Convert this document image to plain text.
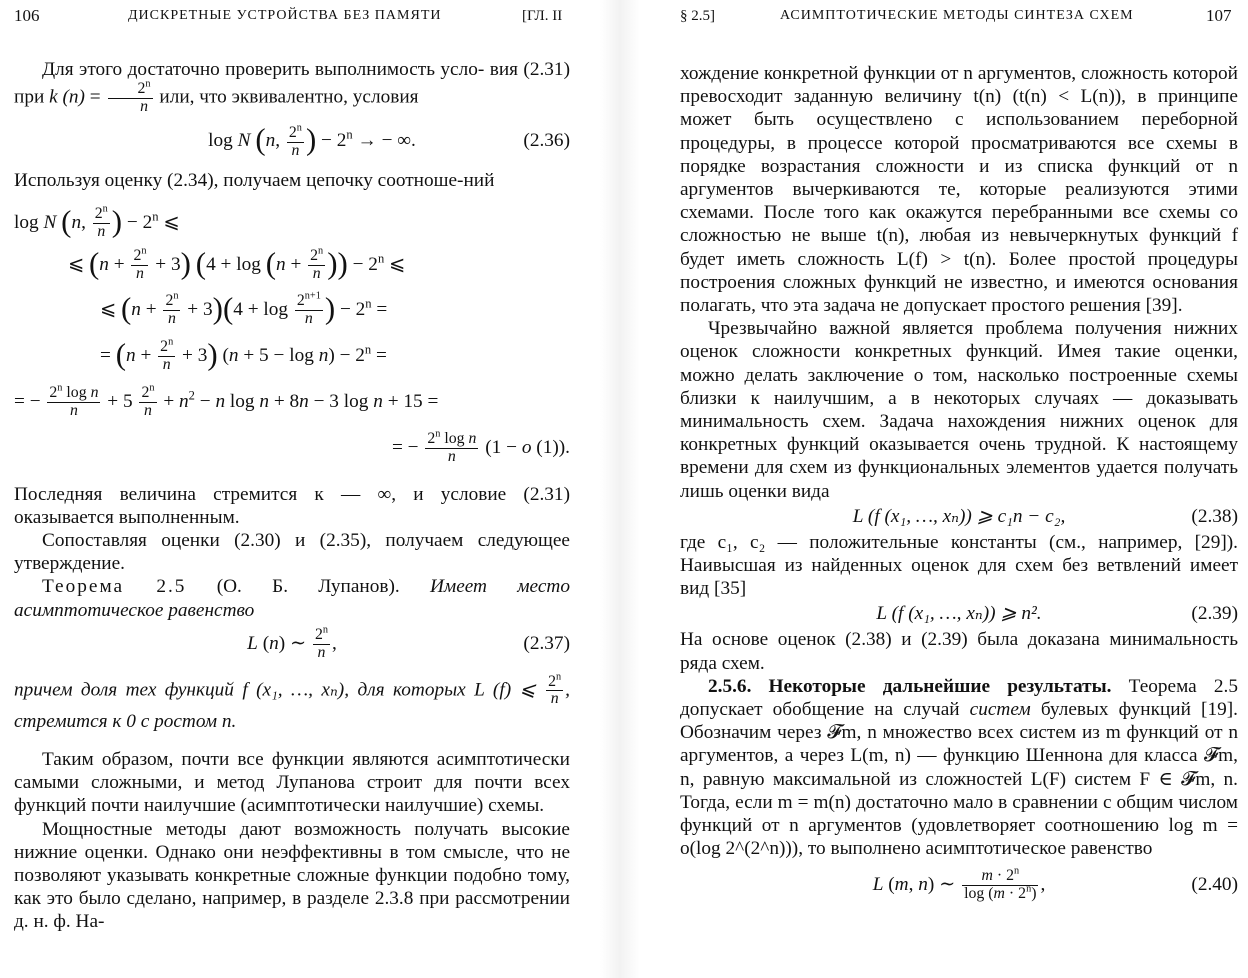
106	ДИСКРЕТНЫЕ УСТРОЙСТВА БЕЗ ПАМЯТИ	[ГЛ. II

Для этого достаточно проверить выполнимость усло- вия (2.31) при k $(n) = \frac{2^n}{n}$ или, что эквивалентно, условия

log N (n, $\frac{2^n}{n}$ ) − $2^n$ → − ∞.	(2.36)

Используя оценку (2.34), получаем цепочку соотноше-ний

log N (n, $\frac{2^n}{n}$ ) − $2^n$ ⩽
⩽ $(n + \frac{2^n}{n} + 3)$ ($4 + \log (n + \frac{2^n}{n}$ )) − $2^n$ ⩽
⩽ $(n + \frac{2^n}{n} + 3)(4 + \log \frac{2^{n+1}}{n}$ ) − $2^n$ =
= $(n + \frac{2^n}{n} + 3)$ $(n + 5 - \log n) - 2^n$ =
= − $\frac{2^n \log n}{n} + 5 \frac{2^n}{n} + n^2 - n$ log n + 8n − 3 log n + 15 =
= − $\frac{2^n \log n}{n} (1 - o$ (1)).

Последняя величина стремится к — ∞, и условие (2.31) оказывается выполненным.

Сопоставляя оценки (2.30) и (2.35), получаем следующее утверждение.

Теорема 2.5 (О. Б. Лупанов). Имеет место асимптотическое равенство

L (n) ∼ $\frac{2^n}{n}$ ,	(2.37)

причем доля тех функций f (x₁, …, xₙ), для которых L (f) ⩽ $\frac{2^n}{n}$ , стремится к 0 с ростом n.

Таким образом, почти все функции являются асимптотически самыми сложными, и метод Лупанова строит для почти всех функций почти наилучшие (асимптотически наилучшие) схемы.

Мощностные методы дают возможность получать высокие нижние оценки. Однако они неэффективны в том смысле, что не позволяют указывать конкретные сложные функции подобно тому, как это было сделано, например, в разделе 2.3.8 при рассмотрении д. н. ф. На-

§ 2.5]	АСИМПТОТИЧЕСКИЕ МЕТОДЫ СИНТЕЗА СХЕМ	107

хождение конкретной функции от n аргументов, сложность которой превосходит заданную величину t(n) (t(n) < L(n)), в принципе может быть осуществлено с использованием переборной процедуры, в процессе которой просматриваются все схемы в порядке возрастания сложности и из списка функций от n аргументов вычеркиваются те, которые реализуются этими схемами. После того как окажутся перебранными все схемы со сложностью не выше t(n), любая из невычеркнутых функций f будет иметь сложность L(f) > t(n). Более простой процедуры построения сложных функций не известно, и имеются основания полагать, что эта задача не допускает простого решения [39].

Чрезвычайно важной является проблема получения нижних оценок сложности конкретных функций. Имея такие оценки, можно делать заключение о том, насколько построенные схемы близки к наилучшим, а в некоторых случаях — доказывать минимальность схем. Задача нахождения нижних оценок для конкретных функций оказывается очень трудной. К настоящему времени для схем из функциональных элементов удается получать лишь оценки вида

L (f (x₁, …, xₙ)) ⩾ c₁n − c₂,	(2.38)

где c₁, c₂ — положительные константы (см., например, [29]). Наивысшая из найденных оценок для схем без ветвлений имеет вид [35]

L (f (x₁, …, xₙ)) ⩾ n².	(2.39)

На основе оценок (2.38) и (2.39) была доказана минимальность ряда схем.

2.5.6. Некоторые дальнейшие результаты. Теорема 2.5 допускает обобщение на случай систем булевых функций [19]. Обозначим через 𝓕m, n множество всех систем из m функций от n аргументов, а через L(m, n) — функцию Шеннона для класса 𝓕m, n, равную максимальной из сложностей L(F) систем F ∈ 𝓕m, n. Тогда, если m = m(n) достаточно мало в сравнении с общим числом функций от n аргументов (удовлетворяет соотношению log m = o(log 2^(2^n))), то выполнено асимптотическое равенство

L (m, n) ∼ $\frac{m \cdot 2^n}{\log (m \cdot 2^n)}$ ,	(2.40)
